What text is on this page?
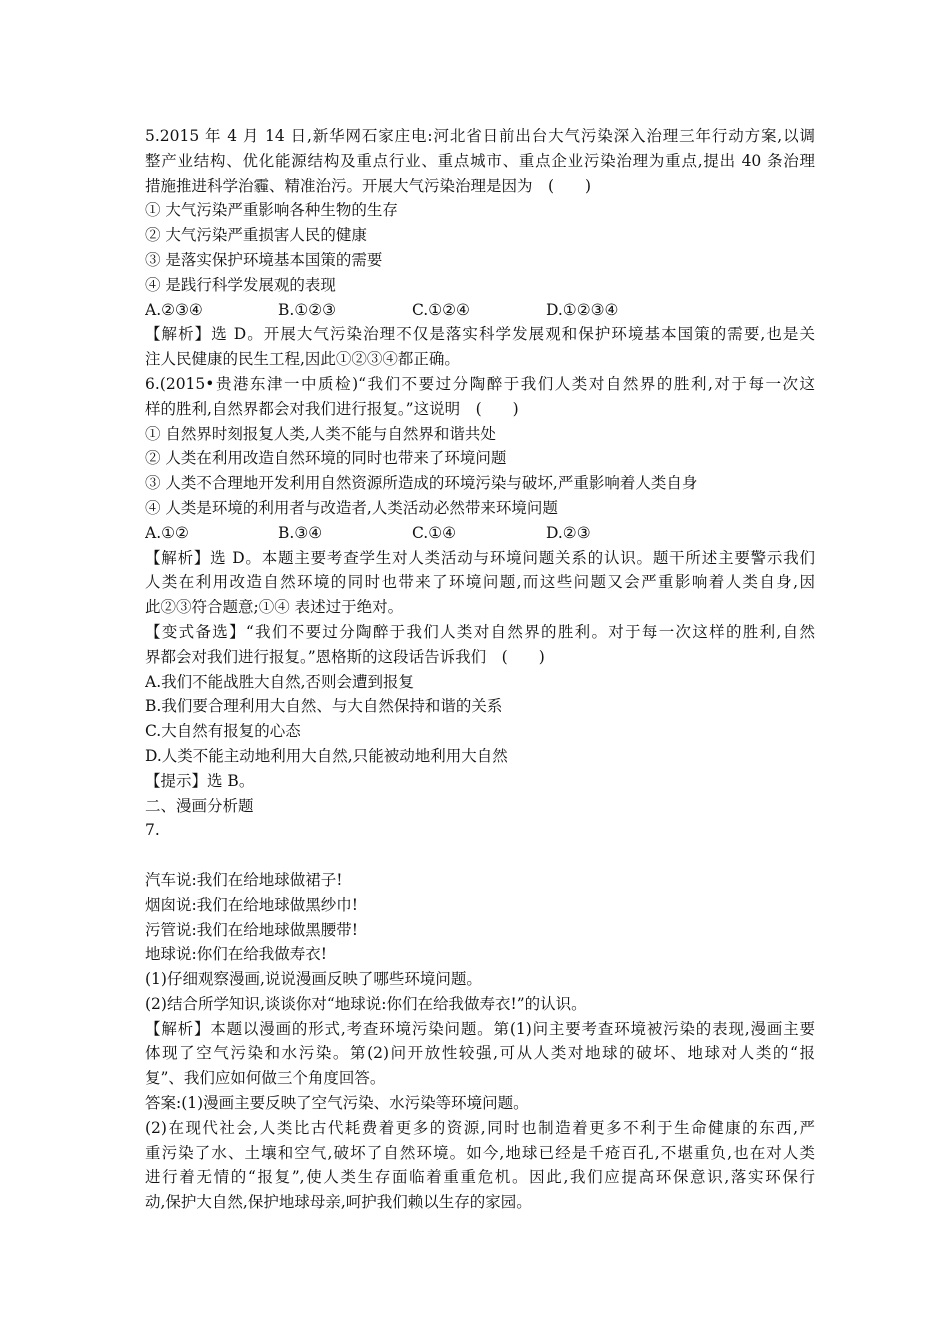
5.2015 年 4 月 14 日,新华网石家庄电:河北省日前出台大气污染深入治理三年行动方案,以调
整产业结构、优化能源结构及重点行业、重点城市、重点企业污染治理为重点,提出 40 条治理
措施推进科学治霾、精准治污。开展大气污染治理是因为　(　　)
① 大气污染严重影响各种生物的生存
② 大气污染严重损害人民的健康
③ 是落实保护环境基本国策的需要
④ 是践行科学发展观的表现
A.②③④	B.①②③	C.①②④	D.①②③④
【解析】选 D。开展大气污染治理不仅是落实科学发展观和保护环境基本国策的需要,也是关
注人民健康的民生工程,因此①②③④都正确。
6.(2015•贵港东津一中质检)“我们不要过分陶醉于我们人类对自然界的胜利,对于每一次这
样的胜利,自然界都会对我们进行报复。”这说明　(　　)
① 自然界时刻报复人类,人类不能与自然界和谐共处
② 人类在利用改造自然环境的同时也带来了环境问题
③ 人类不合理地开发利用自然资源所造成的环境污染与破坏,严重影响着人类自身
④ 人类是环境的利用者与改造者,人类活动必然带来环境问题
A.①②	B.③④	C.①④	D.②③
【解析】选 D。本题主要考查学生对人类活动与环境问题关系的认识。题干所述主要警示我们
人类在利用改造自然环境的同时也带来了环境问题,而这些问题又会严重影响着人类自身,因
此②③符合题意;①④ 表述过于绝对。
【变式备选】“我们不要过分陶醉于我们人类对自然界的胜利。对于每一次这样的胜利,自然
界都会对我们进行报复。”恩格斯的这段话告诉我们　(　　)
A.我们不能战胜大自然,否则会遭到报复
B.我们要合理利用大自然、与大自然保持和谐的关系
C.大自然有报复的心态
D.人类不能主动地利用大自然,只能被动地利用大自然
【提示】选 B。
二、漫画分析题
7.
汽车说:我们在给地球做裙子!
烟囱说:我们在给地球做黑纱巾!
污管说:我们在给地球做黑腰带!
地球说:你们在给我做寿衣!
(1)仔细观察漫画,说说漫画反映了哪些环境问题。
(2)结合所学知识,谈谈你对“地球说:你们在给我做寿衣!”的认识。
【解析】本题以漫画的形式,考查环境污染问题。第(1)问主要考查环境被污染的表现,漫画主要
体现了空气污染和水污染。第(2)问开放性较强,可从人类对地球的破坏、地球对人类的“报
复”、我们应如何做三个角度回答。
答案:(1)漫画主要反映了空气污染、水污染等环境问题。
(2)在现代社会,人类比古代耗费着更多的资源,同时也制造着更多不利于生命健康的东西,严
重污染了水、土壤和空气,破坏了自然环境。如今,地球已经是千疮百孔,不堪重负,也在对人类
进行着无情的“报复”,使人类生存面临着重重危机。因此,我们应提高环保意识,落实环保行
动,保护大自然,保护地球母亲,呵护我们赖以生存的家园。
